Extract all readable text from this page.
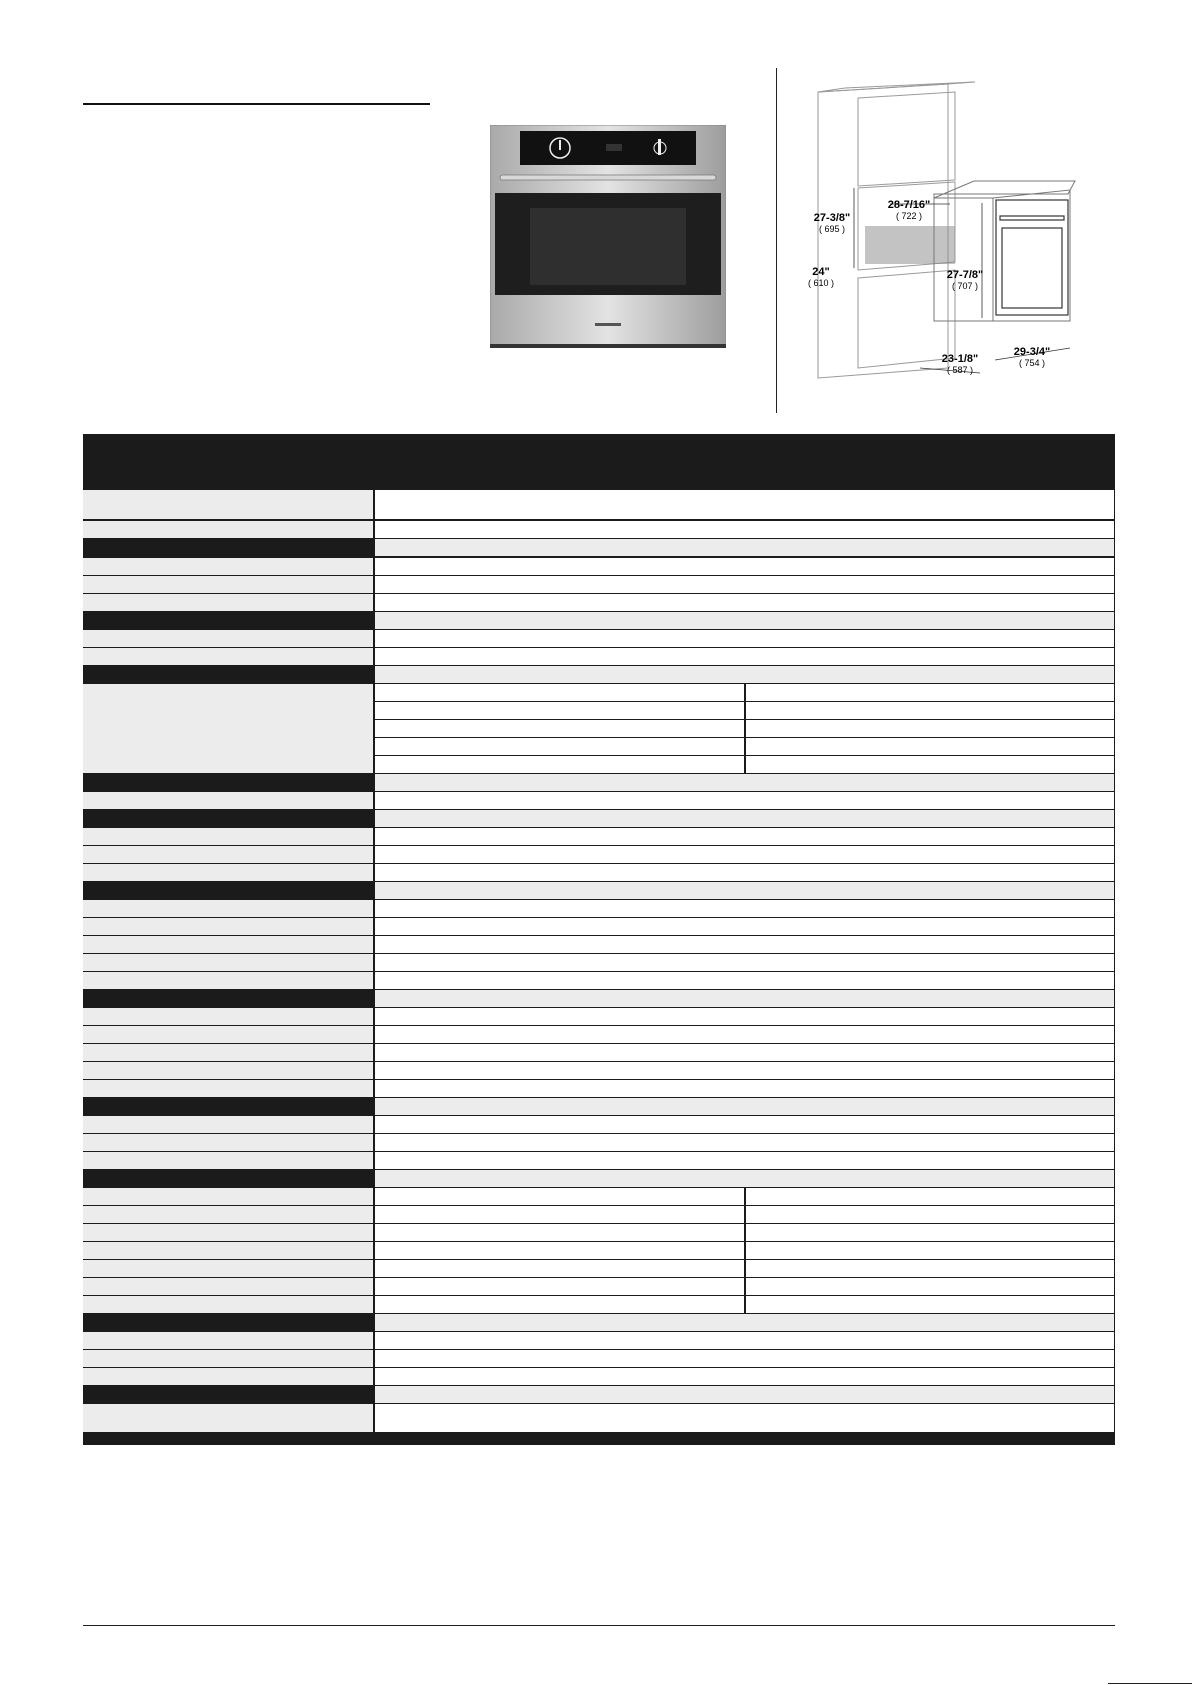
27-3/8"
( 695 )
24"
( 610 )
28-7/16"
( 722 )
27-7/8"
( 707 )
23-1/8"
( 587 )
29-3/4"
( 754 )
